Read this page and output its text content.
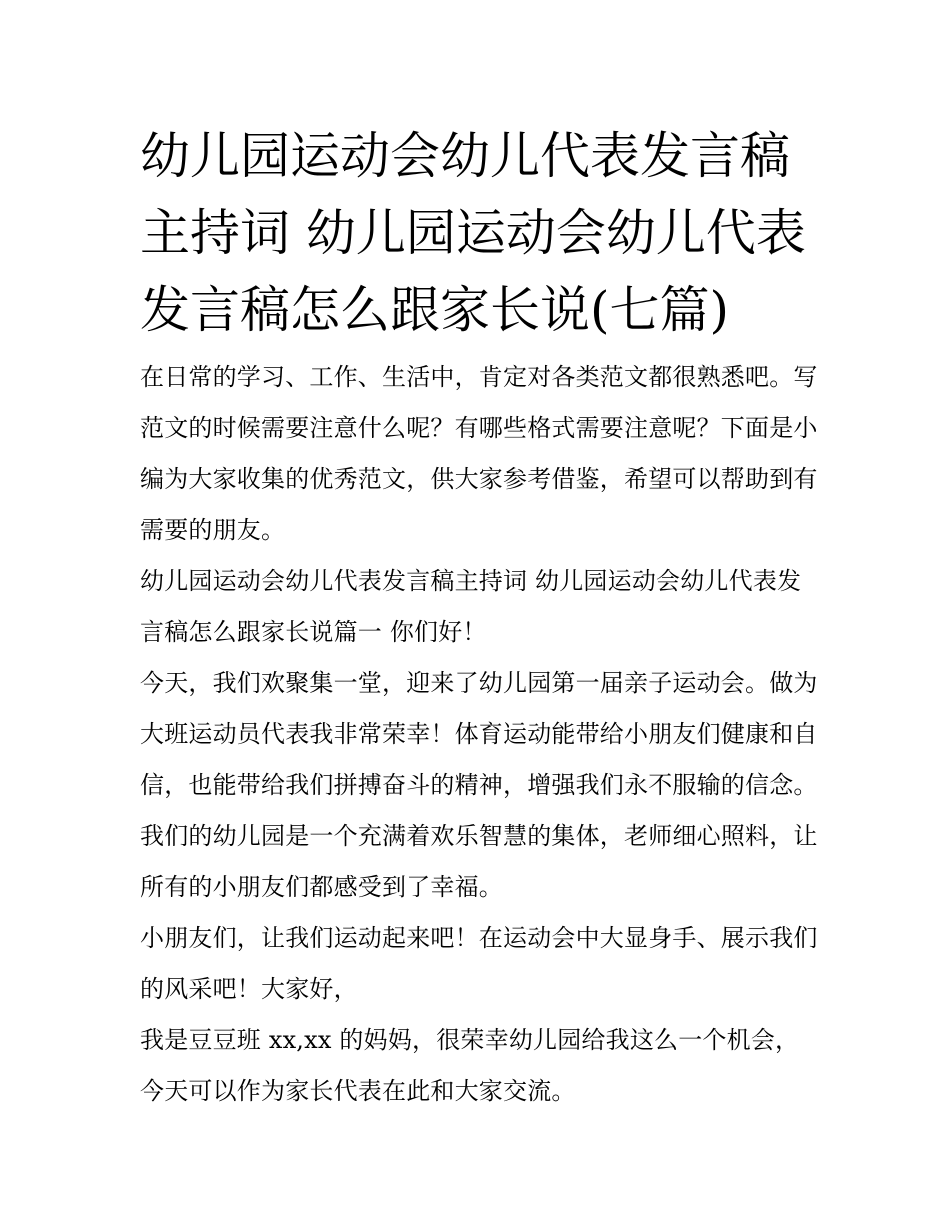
幼儿园运动会幼儿代表发言稿主持词 幼儿园运动会幼儿代表发言稿怎么跟家长说(七篇)

在日常的学习、工作、生活中，肯定对各类范文都很熟悉吧。写范文的时候需要注意什么呢？有哪些格式需要注意呢？下面是小编为大家收集的优秀范文，供大家参考借鉴，希望可以帮助到有需要的朋友。

幼儿园运动会幼儿代表发言稿主持词 幼儿园运动会幼儿代表发言稿怎么跟家长说篇一 你们好！

今天，我们欢聚集一堂，迎来了幼儿园第一届亲子运动会。做为大班运动员代表我非常荣幸！体育运动能带给小朋友们健康和自信，也能带给我们拼搏奋斗的精神，增强我们永不服输的信念。我们的幼儿园是一个充满着欢乐智慧的集体，老师细心照料，让所有的小朋友们都感受到了幸福。

小朋友们，让我们运动起来吧！在运动会中大显身手、展示我们的风采吧！大家好，

我是豆豆班 xx,xx 的妈妈，很荣幸幼儿园给我这么一个机会，今天可以作为家长代表在此和大家交流。
